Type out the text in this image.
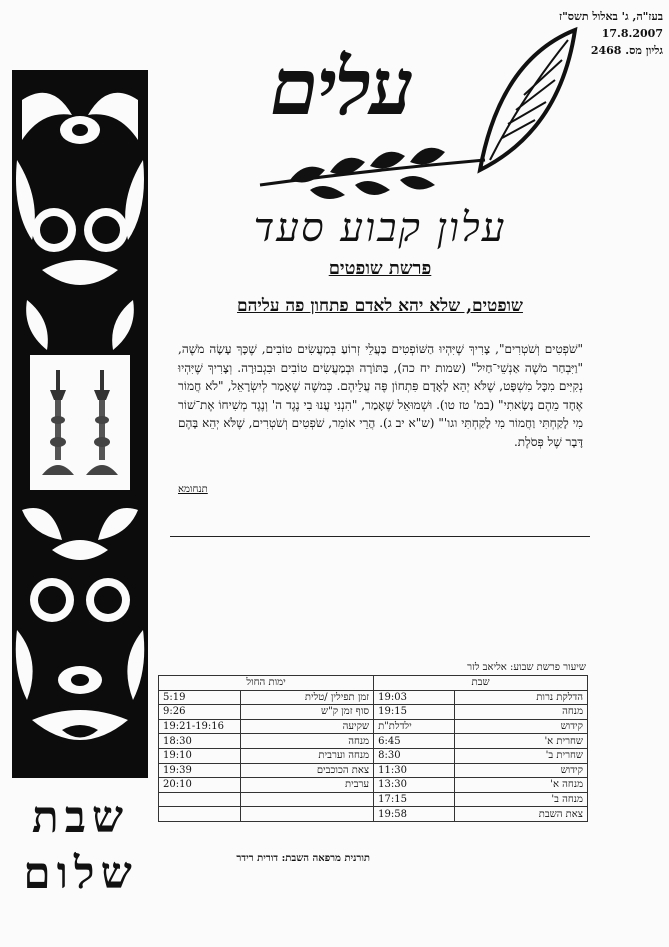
בעז"ה, ג' באלול תשס"ז
17.8.2007
גליון מס. 2468
שבת
שלום
עלים
עלון קבוע סעד
פרשת שופטים
שופטים, שלא יהא לאדם פתחון פה עליהם
"שֹׁפְטִים וְשֹׁטְרִים", צָרִיךְ שֶׁיִּהְיוּ הַשּׁוֹפְטִים בַּעֲלֵי זְרוֹעַ בְּמַעֲשִׂים טוֹבִים, שֶׁכָּךְ עָשָׂה מֹשֶׁה, "וַיִּבְחַר מֹשֶׁה אַנְשֵׁי־חַיִל" (שמות יח כה), בַּתּוֹרָה וּבְמַעֲשִׂים טוֹבִים וּבִגְבוּרָה. וְצָרִיךְ שֶׁיִּהְיוּ נְקִיִּים מִכָּל מִשְׁפָּט, שֶׁלֹּא יְהֵא לָאָדָם פִּתְחוֹן פֶּה עֲלֵיהֶם. כְּמשֶׁה שֶׁאָמַר לְיִשְׂרָאֵל, "לֹא חֲמוֹר אֶחָד מֵהֶם נָשָׂאתִי" (במ' טז טו). וּשְׁמוּאֵל שֶׁאָמַר, "הִנְנִי עֲנוּ בִי נֶגֶד ה' וְנֶגֶד מְשִׁיחוֹ אֶת־שׁוֹר מִי לָקַחְתִּי וַחֲמוֹר מִי לָקַחְתִּי וגו'" (ש"א יב ג). הֲרֵי אוֹמֵר, שֹׁפְטִים וְשֹׁטְרִים, שֶׁלֹּא יְהֵא בָּהֶם דָּבָר שֶׁל פְּסֹלֶת.
תנחומא
שיעור פרשת שבוע: אליאב לזר
שבת		ימות החול	
הדלקת נרות	19:03	זמן תפילין /טלית	5:19
מנחה	19:15	סוף זמן ק"ש	9:26
קידוש	ילדלת"ת	שקיעה	19:21-19:16
שחרית א'	6:45	מנחה	18:30
שחרית ב'	8:30	מנחה וערבית	19:10
קידוש	11:30	צאת הכוכבים	19:39
מנחה א'	13:30	ערבית	20:10
מנחה ב'	17:15		
צאת השבת	19:58		
תורנית מרפאה השבת: דורית רידר
